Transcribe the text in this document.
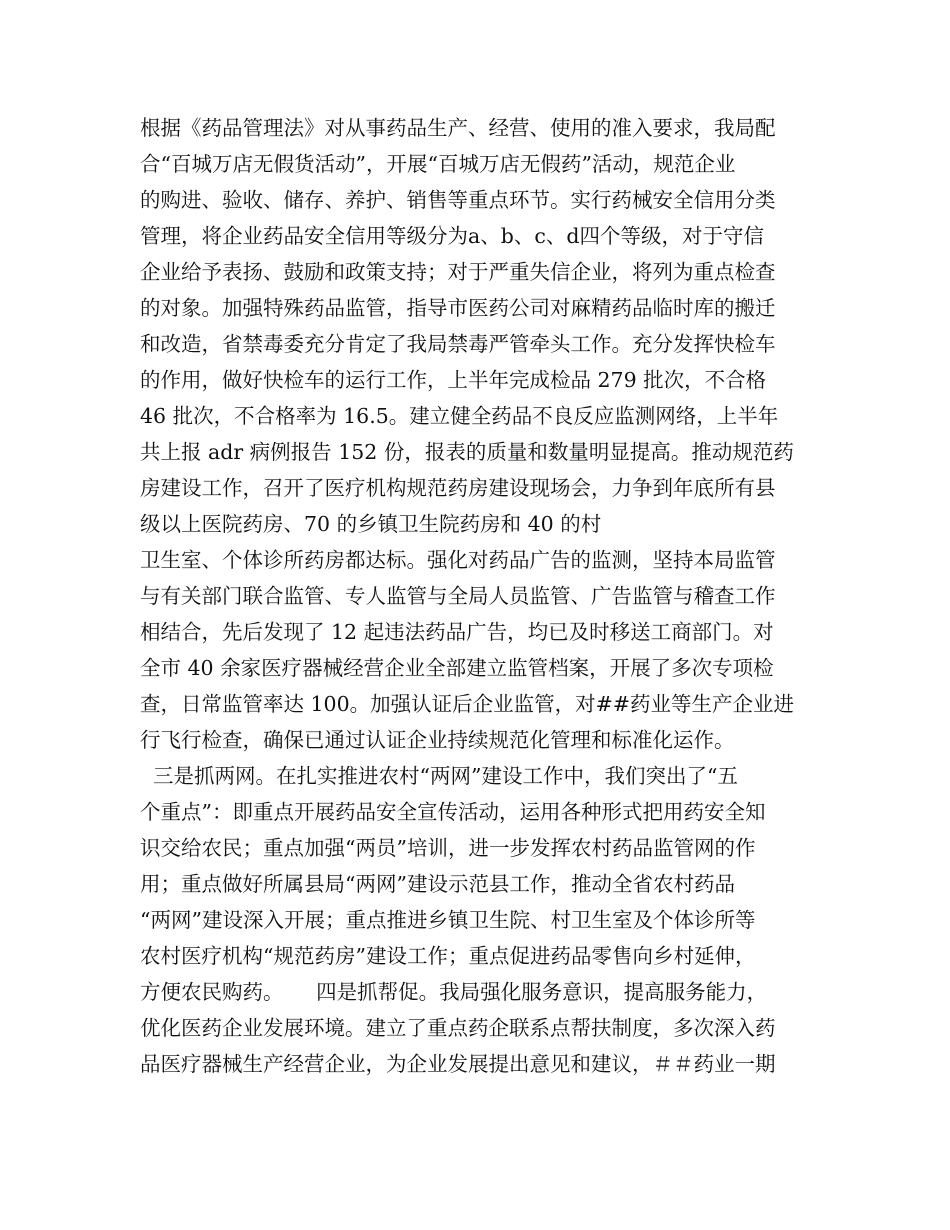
根据《药品管理法》对从事药品生产、经营、使用的准入要求，我局配
合“百城万店无假货活动”，开展“百城万店无假药”活动，规范企业
的购进、验收、储存、养护、销售等重点环节。实行药械安全信用分类
管理，将企业药品安全信用等级分为a、b、c、d四个等级，对于守信
企业给予表扬、鼓励和政策支持；对于严重失信企业，将列为重点检查
的对象。加强特殊药品监管，指导市医药公司对麻精药品临时库的搬迁
和改造，省禁毒委充分肯定了我局禁毒严管牵头工作。充分发挥快检车
的作用，做好快检车的运行工作，上半年完成检品 279 批次，不合格
46 批次，不合格率为 16.5。建立健全药品不良反应监测网络，上半年
共上报 adr 病例报告 152 份，报表的质量和数量明显提高。推动规范药
房建设工作，召开了医疗机构规范药房建设现场会，力争到年底所有县
级以上医院药房、70 的乡镇卫生院药房和 40 的村
卫生室、个体诊所药房都达标。强化对药品广告的监测，坚持本局监管
与有关部门联合监管、专人监管与全局人员监管、广告监管与稽查工作
相结合，先后发现了 12 起违法药品广告，均已及时移送工商部门。对
全市 40 余家医疗器械经营企业全部建立监管档案，开展了多次专项检
查，日常监管率达 100。加强认证后企业监管，对##药业等生产企业进
行飞行检查，确保已通过认证企业持续规范化管理和标准化运作。
三是抓两网。在扎实推进农村“两网”建设工作中，我们突出了“五
个重点”：即重点开展药品安全宣传活动，运用各种形式把用药安全知
识交给农民；重点加强“两员”培训，进一步发挥农村药品监管网的作
用；重点做好所属县局“两网”建设示范县工作，推动全省农村药品
“两网”建设深入开展；重点推进乡镇卫生院、村卫生室及个体诊所等
农村医疗机构“规范药房”建设工作；重点促进药品零售向乡村延伸，
方便农民购药。     四是抓帮促。我局强化服务意识，提高服务能力，
优化医药企业发展环境。建立了重点药企联系点帮扶制度，多次深入药
品医疗器械生产经营企业，为企业发展提出意见和建议，＃＃药业一期
